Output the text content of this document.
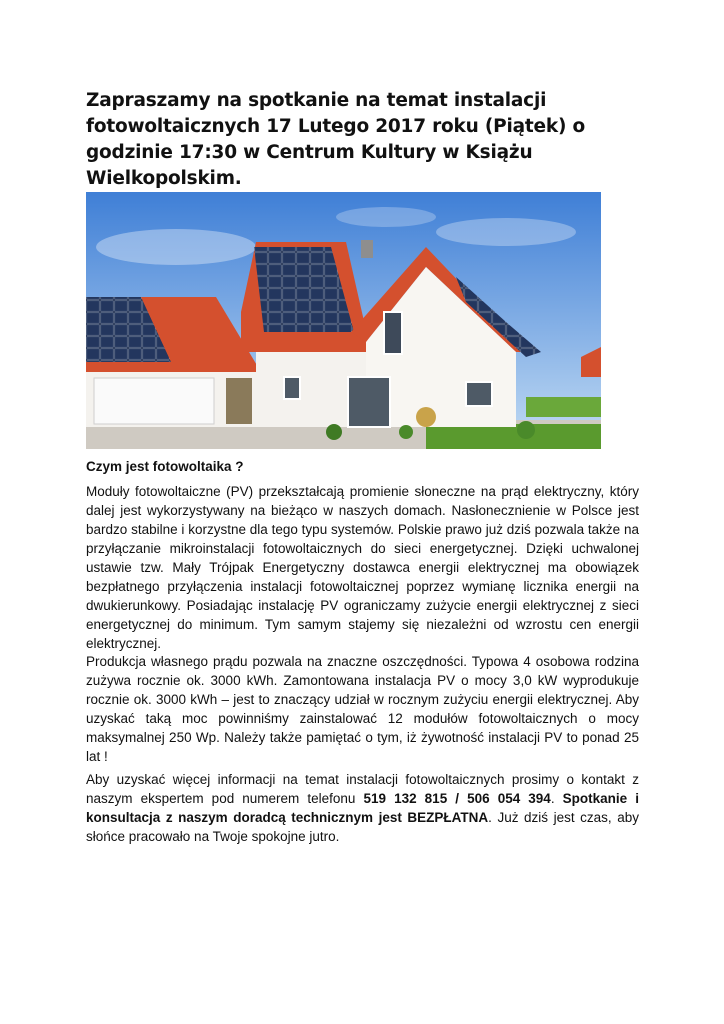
Zapraszamy na spotkanie na temat instalacji fotowoltaicznych 17 Lutego 2017 roku (Piątek) o godzinie 17:30 w Centrum Kultury w Książu Wielkopolskim.
Czym jest fotowoltaika ?

Moduły fotowoltaiczne (PV) przekształcają promienie słoneczne na prąd elektryczny, który dalej jest wykorzystywany na bieżąco w naszych domach. Nasłonecznienie w Polsce jest bardzo stabilne i korzystne dla tego typu systemów. Polskie prawo już dziś pozwala także na przyłączanie mikroinstalacji fotowoltaicznych do sieci energetycznej. Dzięki uchwalonej ustawie tzw. Mały Trójpak Energetyczny dostawca energii elektrycznej ma obowiązek bezpłatnego przyłączenia instalacji fotowoltaicznej poprzez wymianę licznika energii na dwukierunkowy. Posiadając instalację PV ograniczamy zużycie energii elektrycznej z sieci energetycznej do minimum. Tym samym stajemy się niezależni od wzrostu cen energii elektrycznej.

Produkcja własnego prądu pozwala na znaczne oszczędności. Typowa 4 osobowa rodzina zużywa rocznie ok. 3000 kWh. Zamontowana instalacja PV o mocy 3,0 kW wyprodukuje rocznie ok. 3000 kWh – jest to znaczący udział w rocznym zużyciu energii elektrycznej. Aby uzyskać taką moc powinniśmy zainstalować 12 modułów fotowoltaicznych o mocy maksymalnej 250 Wp. Należy także pamiętać o tym, iż żywotność instalacji PV to ponad 25 lat !

Aby uzyskać więcej informacji na temat instalacji fotowoltaicznych prosimy o kontakt z naszym ekspertem pod numerem telefonu 519 132 815 / 506 054 394. Spotkanie i konsultacja z naszym doradcą technicznym jest BEZPŁATNA. Już dziś jest czas, aby słońce pracowało na Twoje spokojne jutro.
